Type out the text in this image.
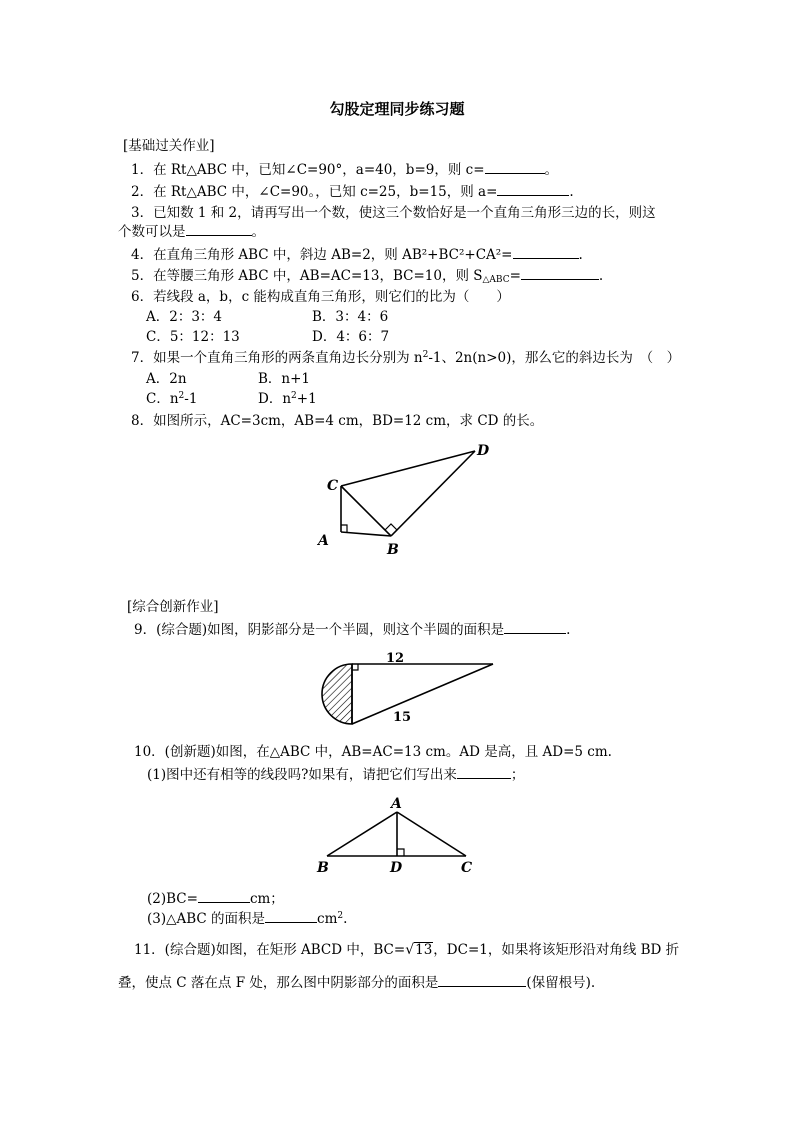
勾股定理同步练习题
[基础过关作业]
1．在 Rt△ABC 中，已知∠C=90°，a=40，b=9，则 c=	。
2．在 Rt△ABC 中，∠C=90。，已知 c=25，b=15，则 a=	.
3．已知数 1 和 2，请再写出一个数，使这三个数恰好是一个直角三角形三边的长，则这
个数可以是	。
4．在直角三角形 ABC 中，斜边 AB=2，则 AB²+BC²+CA²=	.
5．在等腰三角形 ABC 中，AB=AC=13，BC=10，则 $S_{\triangle ABC}=$	.
6．若线段 a，b，c 能构成直角三角形，则它们的比为（　　）
A．2：3：4	B．3：4：6
C．5：12：13	D．4：6：7
7．如果一个直角三角形的两条直角边长分别为 $n^2-1$、2n(n>0)，那么它的斜边长为　（　）
A．2n	B．n+1
C．$n^2-1$	D．$n^2+1$
8．如图所示，AC=3cm，AB=4 cm，BD=12 cm，求 CD 的长。
C
A
B
D
[综合创新作业]
9．(综合题)如图，阴影部分是一个半圆，则这个半圆的面积是	.
12
15
10．(创新题)如图，在△ABC 中，AB=AC=13 cm。AD 是高，且 AD=5 cm.
(1)图中还有相等的线段吗?如果有，请把它们写出来	；
A
B	D	C
(2)BC=	cm；
(3)△ABC 的面积是	$cm^2$.
11．(综合题)如图，在矩形 ABCD 中，BC=√13，DC=1，如果将该矩形沿对角线 BD 折
叠，使点 C 落在点 F 处，那么图中阴影部分的面积是	(保留根号).
